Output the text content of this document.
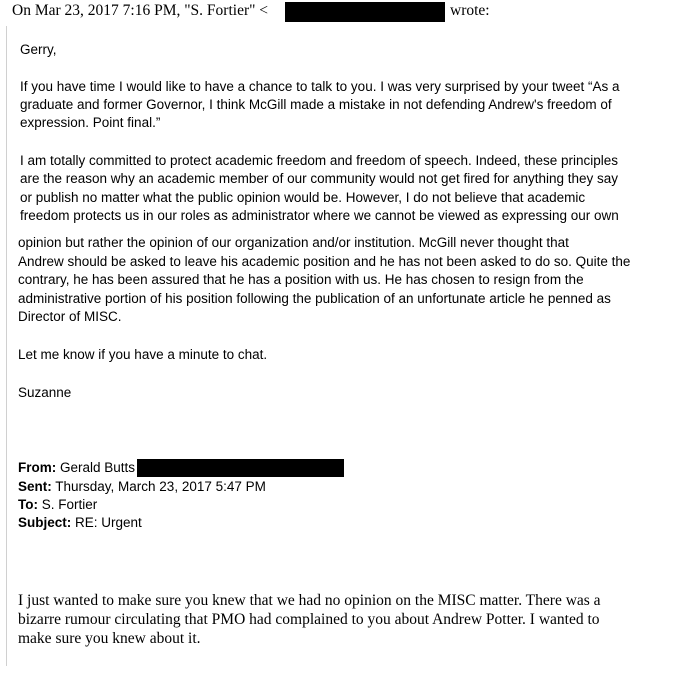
On Mar 23, 2017 7:16 PM, "S. Fortier" <	wrote:
Gerry,
If you have time I would like to have a chance to talk to you. I was very surprised by your tweet “As a
graduate and former Governor, I think McGill made a mistake in not defending Andrew's freedom of
expression. Point final.”
I am totally committed to protect academic freedom and freedom of speech. Indeed, these principles
are the reason why an academic member of our community would not get fired for anything they say
or publish no matter what the public opinion would be. However, I do not believe that academic
freedom protects us in our roles as administrator where we cannot be viewed as expressing our own
opinion but rather the opinion of our organization and/or institution. McGill never thought that
Andrew should be asked to leave his academic position and he has not been asked to do so. Quite the
contrary, he has been assured that he has a position with us. He has chosen to resign from the
administrative portion of his position following the publication of an unfortunate article he penned as
Director of MISC.
Let me know if you have a minute to chat.
Suzanne
From: Gerald Butts
Sent: Thursday, March 23, 2017 5:47 PM
To: S. Fortier
Subject: RE: Urgent
I just wanted to make sure you knew that we had no opinion on the MISC matter. There was a
bizarre rumour circulating that PMO had complained to you about Andrew Potter. I wanted to
make sure you knew about it.
